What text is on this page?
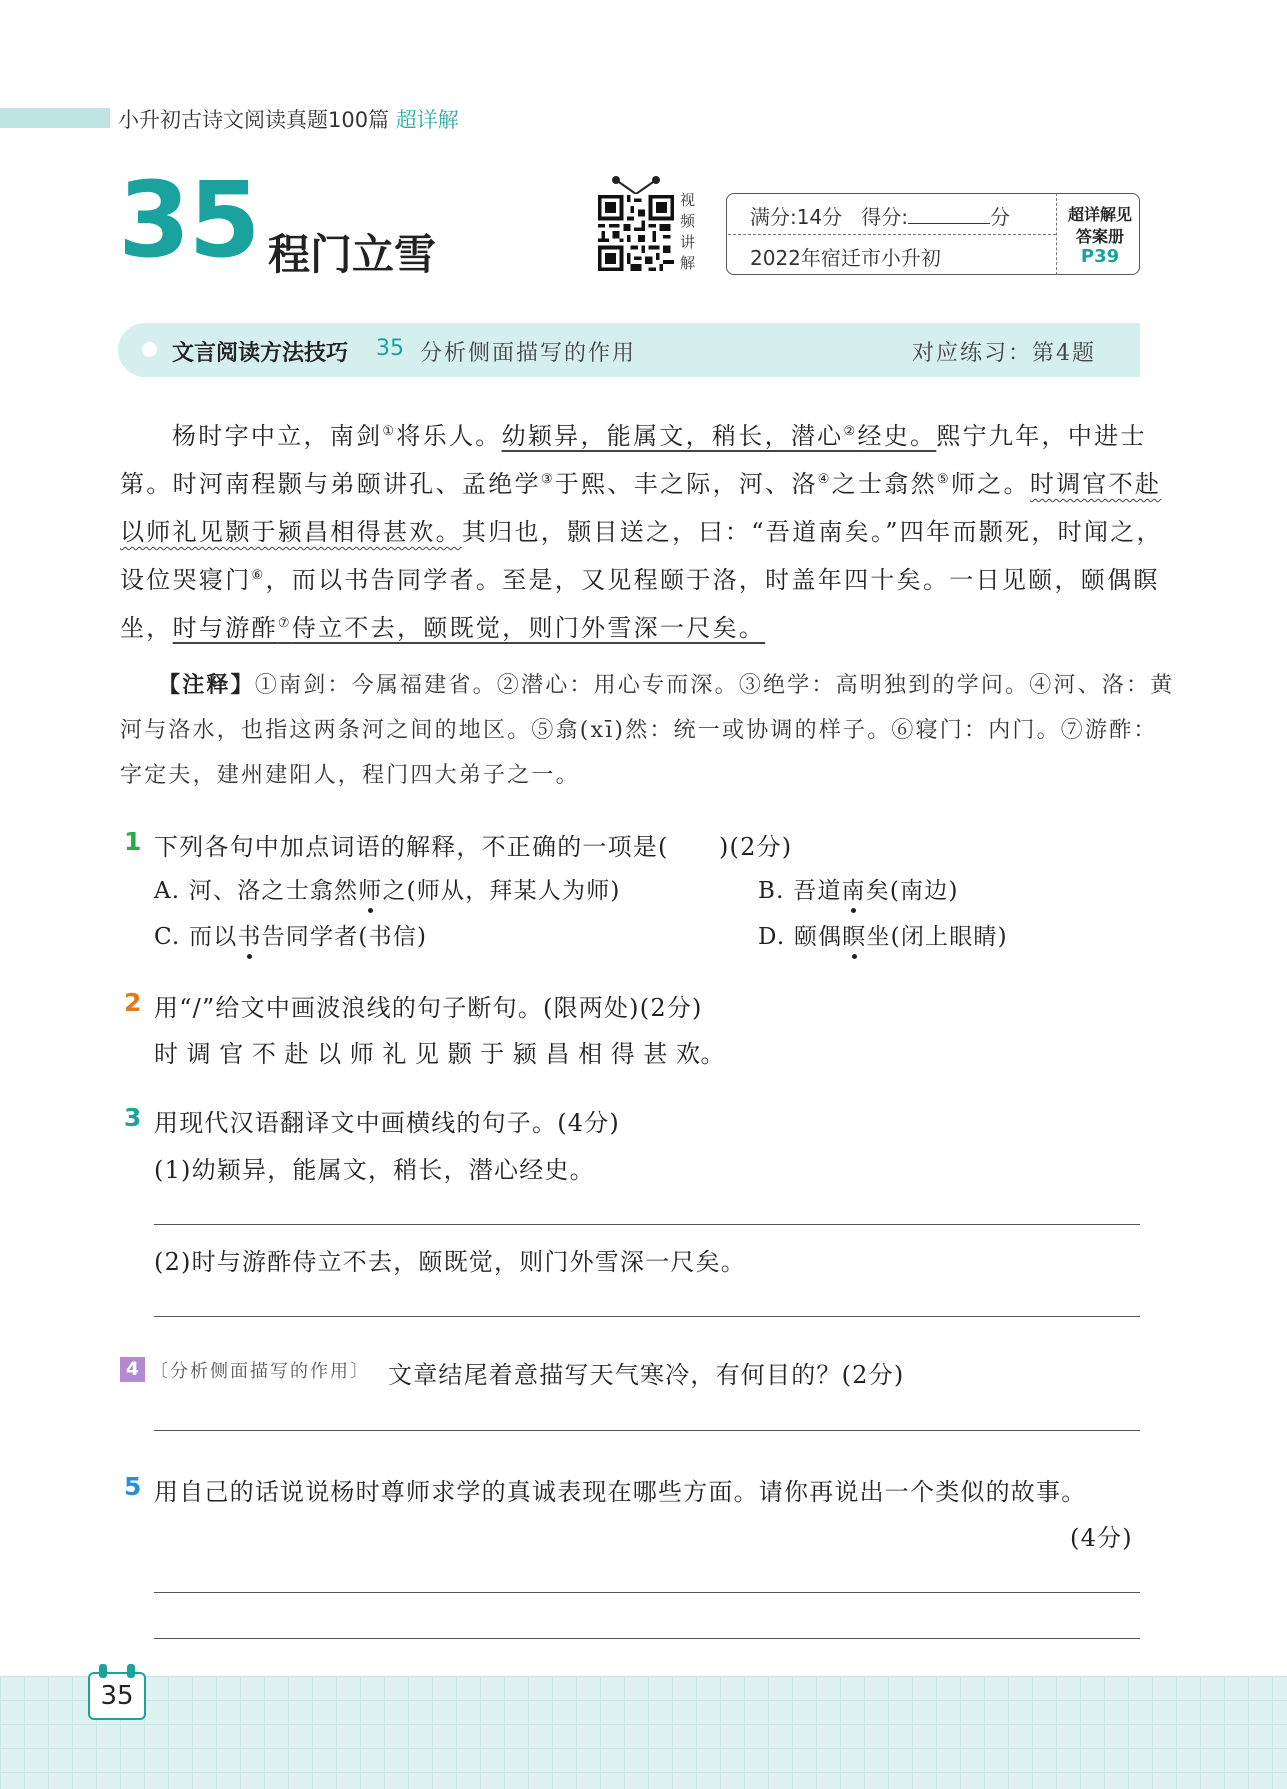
小升初古诗文阅读真题100篇 超详解
35 程门立雪
视
频
讲
解
满分:14分 得分:	分
2022年宿迁市小升初
超详解见
答案册
P39
文言阅读方法技巧 35 分析侧面描写的作用	对应练习：第4题
杨时字中立，南剑①将乐人。幼颖异，能属文，稍长，潜心②经史。熙宁九年，中进士
第。时河南程颢与弟颐讲孔、孟绝学③于熙、丰之际，河、洛④之士翕然⑤师之。时调官不赴
以师礼见颢于颍昌相得甚欢。其归也，颢目送之，曰：“吾道南矣。”四年而颢死，时闻之，
设位哭寝门⑥，而以书告同学者。至是，又见程颐于洛，时盖年四十矣。一日见颐，颐偶瞑
坐，时与游酢⑦侍立不去，颐既觉，则门外雪深一尺矣。
【注释】①南剑：今属福建省。②潜心：用心专而深。③绝学：高明独到的学问。④河、洛：黄
河与洛水，也指这两条河之间的地区。⑤翕(xī)然：统一或协调的样子。⑥寝门：内门。⑦游酢：
字定夫，建州建阳人，程门四大弟子之一。
1 下列各句中加点词语的解释，不正确的一项是(　　)(2分)
A. 河、洛之士翕然师之(师从，拜某人为师)	B. 吾道南矣(南边)
C. 而以书告同学者(书信)	D. 颐偶瞑坐(闭上眼睛)
2 用“/”给文中画波浪线的句子断句。(限两处)(2分)
时 调 官 不 赴 以 师 礼 见 颢 于 颍 昌 相 得 甚 欢。
3 用现代汉语翻译文中画横线的句子。(4分)
(1)幼颖异，能属文，稍长，潜心经史。
(2)时与游酢侍立不去，颐既觉，则门外雪深一尺矣。
4 〔分析侧面描写的作用〕 文章结尾着意描写天气寒冷，有何目的？(2分)
5 用自己的话说说杨时尊师求学的真诚表现在哪些方面。请你再说出一个类似的故事。
(4分)
35
